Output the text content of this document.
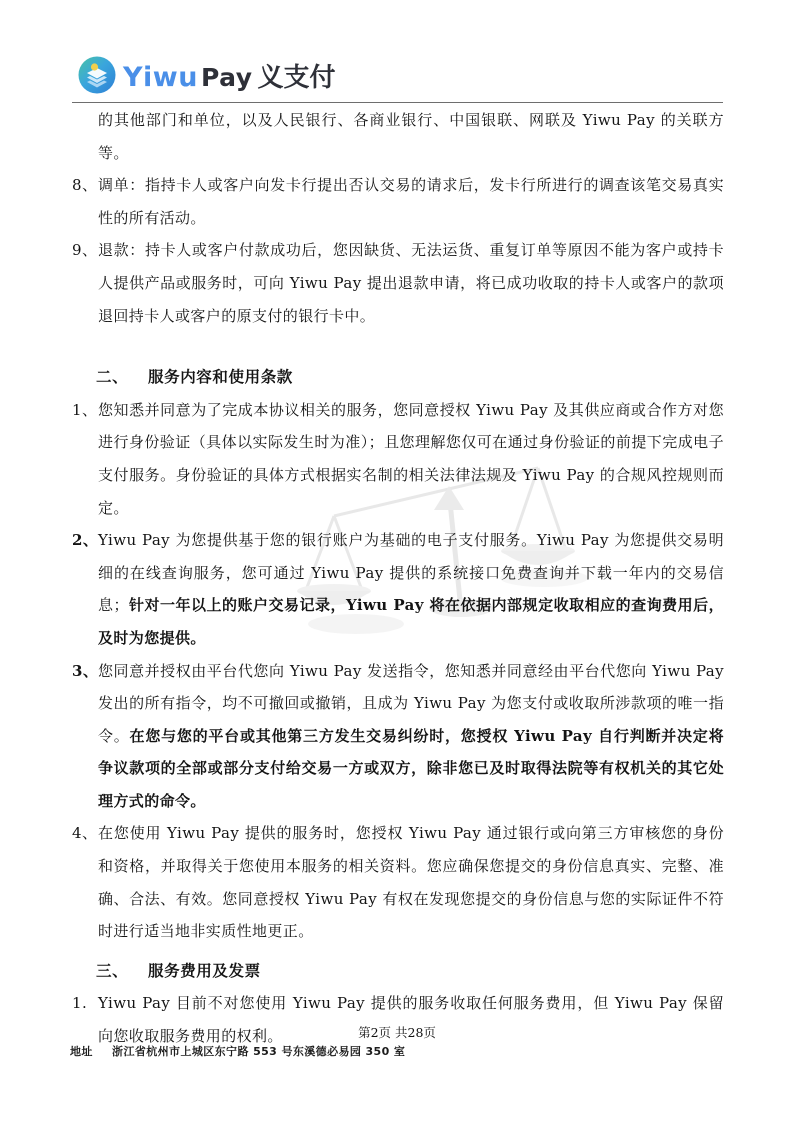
Yiwu Pay 义支付

的其他部门和单位，以及人民银行、各商业银行、中国银联、网联及 Yiwu Pay 的关联方等。

8、 调单：指持卡人或客户向发卡行提出否认交易的请求后，发卡行所进行的调查该笔交易真实性的所有活动。

9、 退款：持卡人或客户付款成功后，您因缺货、无法运货、重复订单等原因不能为客户或持卡人提供产品或服务时，可向 Yiwu Pay 提出退款申请，将已成功收取的持卡人或客户的款项退回持卡人或客户的原支付的银行卡中。

二、 服务内容和使用条款

1、 您知悉并同意为了完成本协议相关的服务，您同意授权 Yiwu Pay 及其供应商或合作方对您进行身份验证（具体以实际发生时为准）；且您理解您仅可在通过身份验证的前提下完成电子支付服务。身份验证的具体方式根据实名制的相关法律法规及 Yiwu Pay 的合规风控规则而定。

2、 Yiwu Pay 为您提供基于您的银行账户为基础的电子支付服务。Yiwu Pay 为您提供交易明细的在线查询服务，您可通过 Yiwu Pay 提供的系统接口免费查询并下载一年内的交易信息；针对一年以上的账户交易记录，Yiwu Pay 将在依据内部规定收取相应的查询费用后，及时为您提供。

3、 您同意并授权由平台代您向 Yiwu Pay 发送指令，您知悉并同意经由平台代您向 Yiwu Pay 发出的所有指令，均不可撤回或撤销，且成为 Yiwu Pay 为您支付或收取所涉款项的唯一指令。在您与您的平台或其他第三方发生交易纠纷时，您授权 Yiwu Pay 自行判断并决定将争议款项的全部或部分支付给交易一方或双方，除非您已及时取得法院等有权机关的其它处理方式的命令。

4、 在您使用 Yiwu Pay 提供的服务时，您授权 Yiwu Pay 通过银行或向第三方审核您的身份和资格，并取得关于您使用本服务的相关资料。您应确保您提交的身份信息真实、完整、准确、合法、有效。您同意授权 Yiwu Pay 有权在发现您提交的身份信息与您的实际证件不符时进行适当地非实质性地更正。

三、 服务费用及发票

1. Yiwu Pay 目前不对您使用 Yiwu Pay 提供的服务收取任何服务费用，但 Yiwu Pay 保留向您收取服务费用的权利。	第2页 共28页
地址 浙江省杭州市上城区东宁路 553 号东溪德必易园 350 室
